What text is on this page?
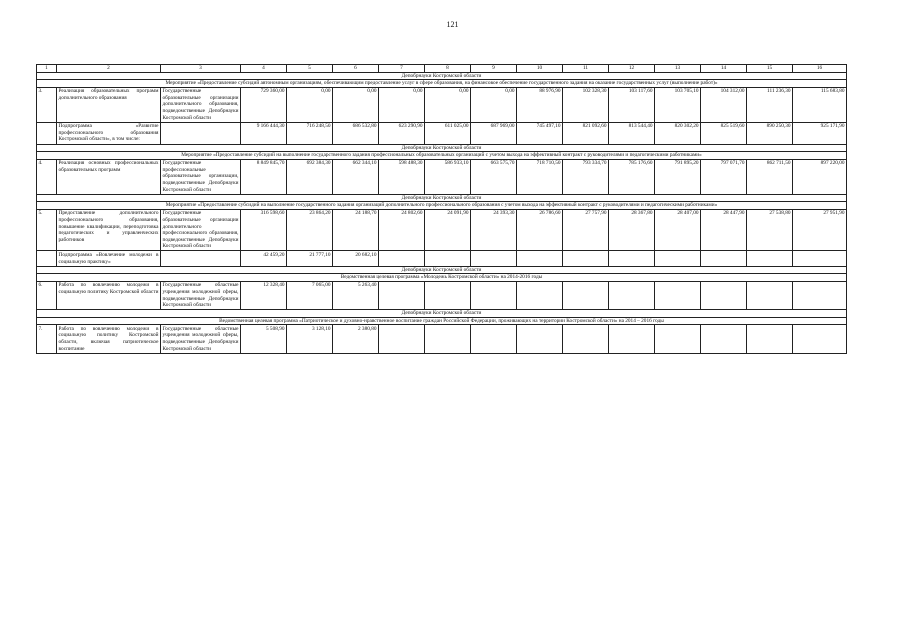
121
1	2	3	4	5	6	7	8	9	10	11	12	13	14	15	16
Депобрнауки Костромской области															
Мероприятие «Предоставление субсидий автономным организациям, обеспечивающим предоставление услуг в сфере образования, на финансовое обеспечение государственного задания на оказание государственных услуг (выполнение работ)»															
3.	Реализация образовательных программ дополнительного образования	Государственные образовательные организации дополнительного образования, подведомственные Депобрнауки Костромской области	729 360,00	0,00	0,00	0,00	0,00	0,00	88 976,90	102 328,30	103 117,60	103 705,10	104 312,00	111 236,30	115 683,80
	Подпрограмма «Развитие профессионального образования Костромской области», в том числе:		9 166 444,30	716 248,50	686 532,80	623 290,90	611 025,00	687 969,00	745 497,10	821 092,60	813 544,40	820 302,20	825 519,60	890 250,30	925 171,90
Депобрнауки Костромской области															
Мероприятие «Предоставление субсидий на выполнение государственного задания профессиональных образовательных организаций с учетом выхода на эффективный контракт с руководителями и педагогическими работниками»															
4.	Реализация основных профессиональных образовательных программ	Государственные профессиональные образовательные организации, подведомственные Депобрнауки Костромской области	8 849 845,70	692 384,30	662 344,10	598 488,30	586 933,10	663 575,70	718 710,50	793 334,70	785 176,60	791 895,20	797 071,70	862 711,50	897 220,00
Депобрнауки Костромской области															
Мероприятие «Предоставление субсидий на выполнение государственного задания организаций дополнительного профессионального образования с учетом выхода на эффективный контракт с руководителями и педагогическими работниками»															
5.	Предоставление дополнительного профессионального образования, повышение квалификации, переподготовка педагогических и управленческих работников	Государственные образовательные организации дополнительного профессионального образования, подведомственные Депобрнауки Костромской области	316 598,60	23 864,20	24 188,70	24 802,60	24 091,90	24 393,30	26 786,60	27 757,90	28 367,80	28 407,00	28 447,90	27 538,80	27 951,90
	Подпрограмма «Вовлечение молодежи в социальную практику»		42 459,20	21 777,10	20 682,10										
Депобрнауки Костромской области															
Ведомственная целевая программа «Молодежь Костромской области» на 2014-2016 годы															
6.	Работа по вовлечению молодежи в социальную политику Костромской области	Государственные областные учреждения молодежной сферы, подведомственные Депобрнауки Костромской области	12 328,40	7 065,00	5 263,40										
Депобрнауки Костромской области															
Ведомственная целевая программа «Патриотическое и духовно-нравственное воспитание граждан Российской Федерации, проживающих на территории Костромской области» на 2014 – 2016 годы															
7.	Работа по вовлечению молодежи в социальную политику Костромской области, включая патриотическое воспитание	Государственные областные учреждения молодежной сферы, подведомственные Депобрнауки Костромской области	5 508,90	3 128,10	2 380,80										
